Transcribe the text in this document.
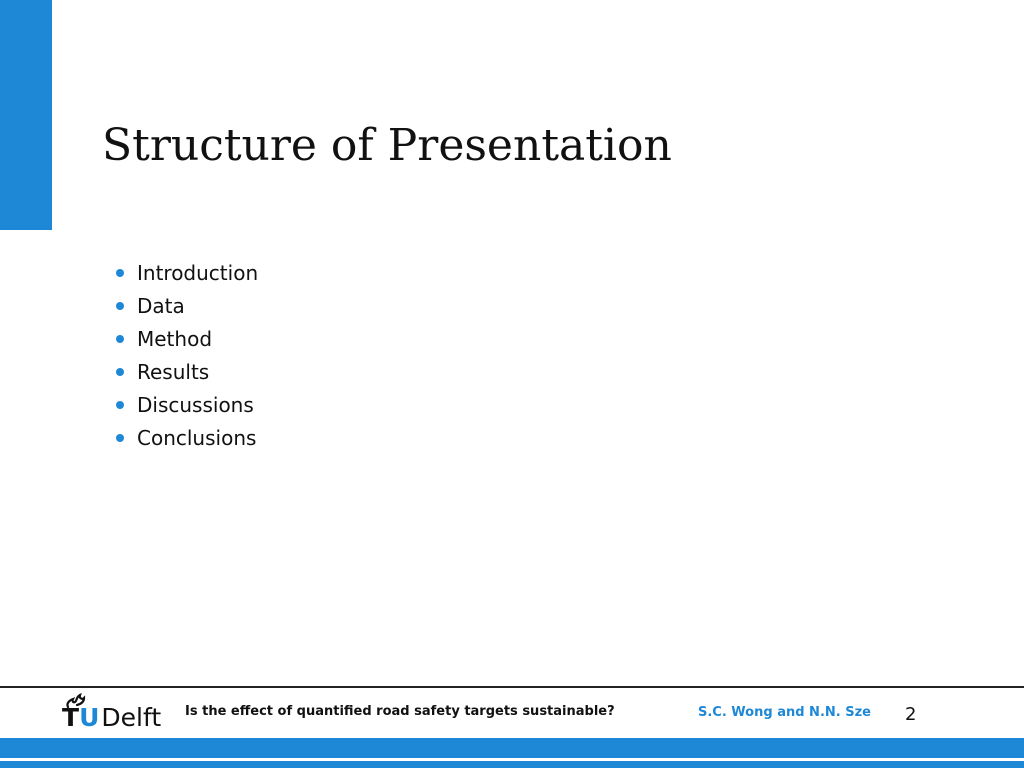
Structure of Presentation
Introduction
Data
Method
Results
Discussions
Conclusions
T U Delft Is the effect of quantified road safety targets sustainable?	S.C. Wong and N.N. Sze 2
